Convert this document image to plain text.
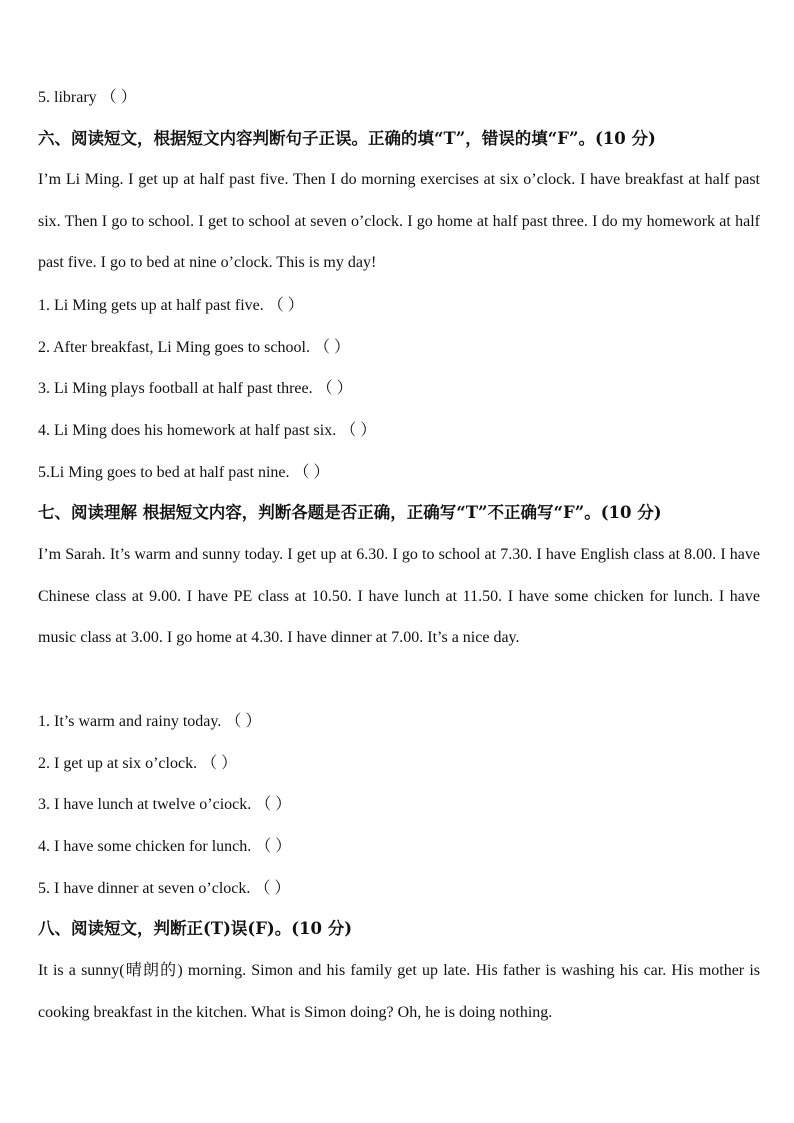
5. library （ ）
六、阅读短文，根据短文内容判断句子正误。正确的填“T”，错误的填“F”。(10 分)
I’m Li Ming. I get up at half past five. Then I do morning exercises at six o’clock. I have breakfast at half past six. Then I go to school. I get to school at seven o’clock. I go home at half past three. I do my homework at half past five. I go to bed at nine o’clock. This is my day!
1. Li Ming gets up at half past five. （ ）
2. After breakfast, Li Ming goes to school. （ ）
3. Li Ming plays football at half past three. （ ）
4. Li Ming does his homework at half past six. （ ）
5.Li Ming goes to bed at half past nine. （ ）
七、阅读理解 根据短文内容，判断各题是否正确，正确写“T”不正确写“F”。(10 分)
I’m Sarah. It’s warm and sunny today. I get up at 6.30. I go to school at 7.30. I have English class at 8.00. I have Chinese class at 9.00. I have PE class at 10.50. I have lunch at 11.50. I have some chicken for lunch. I have music class at 3.00. I go home at 4.30. I have dinner at 7.00. It’s a nice day.
1. It’s warm and rainy today. （ ）
2. I get up at six o’clock. （ ）
3. I have lunch at twelve o’ciock. （ ）
4. I have some chicken for lunch. （ ）
5. I have dinner at seven o’clock. （ ）
八、阅读短文，判断正(T)误(F)。(10 分)
It is a sunny(晴朗的) morning. Simon and his family get up late. His father is washing his car. His mother is cooking breakfast in the kitchen. What is Simon doing? Oh, he is doing nothing.
